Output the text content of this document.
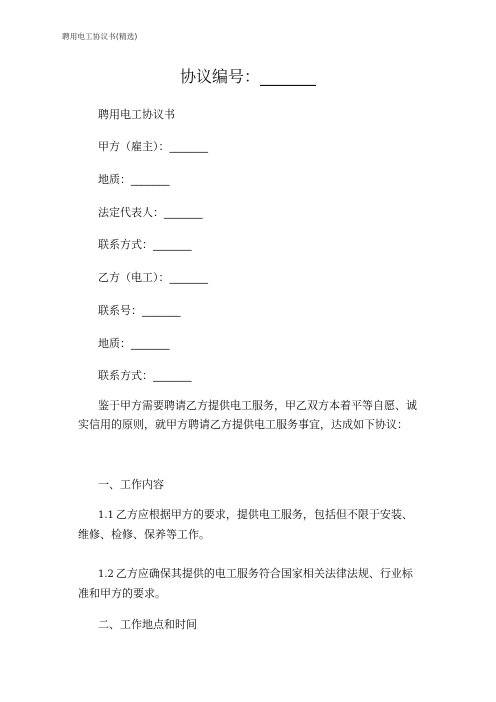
聘用电工协议书(精选)
协议编号：_______
聘用电工协议书
甲方（雇主）：_______
地质：_______
法定代表人：_______
联系方式：_______
乙方（电工）：_______
联系号：_______
地质：_______
联系方式：_______
鉴于甲方需要聘请乙方提供电工服务，甲乙双方本着平等自愿、诚实信用的原则，就甲方聘请乙方提供电工服务事宜，达成如下协议：
一、工作内容
1.1 乙方应根据甲方的要求，提供电工服务，包括但不限于安装、维修、检修、保养等工作。
1.2 乙方应确保其提供的电工服务符合国家相关法律法规、行业标准和甲方的要求。
二、工作地点和时间
